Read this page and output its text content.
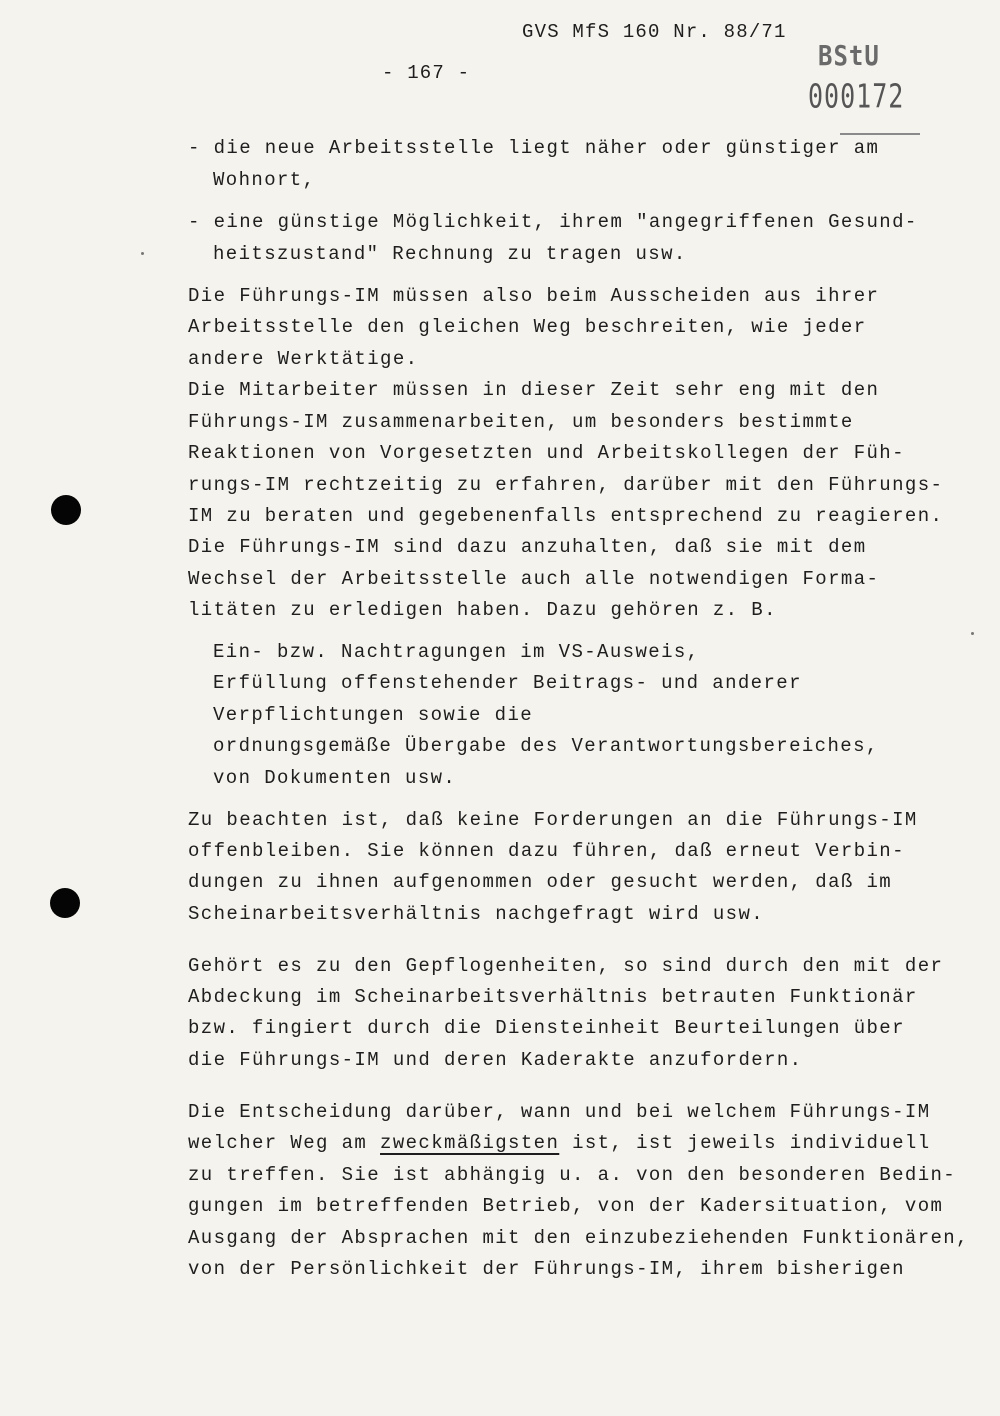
GVS MfS 160 Nr. 88/71
- 167 -
BStU
000172
- die neue Arbeitsstelle liegt näher oder günstiger am
Wohnort,
- eine günstige Möglichkeit, ihrem "angegriffenen Gesund-
heitszustand" Rechnung zu tragen usw.
Die Führungs-IM müssen also beim Ausscheiden aus ihrer
Arbeitsstelle den gleichen Weg beschreiten, wie jeder
andere Werktätige.
Die Mitarbeiter müssen in dieser Zeit sehr eng mit den
Führungs-IM zusammenarbeiten, um besonders bestimmte
Reaktionen von Vorgesetzten und Arbeitskollegen der Füh-
rungs-IM rechtzeitig zu erfahren, darüber mit den Führungs-
IM zu beraten und gegebenenfalls entsprechend zu reagieren.
Die Führungs-IM sind dazu anzuhalten, daß sie mit dem
Wechsel der Arbeitsstelle auch alle notwendigen Forma-
litäten zu erledigen haben. Dazu gehören z. B.
Ein- bzw. Nachtragungen im VS-Ausweis,
Erfüllung offenstehender Beitrags- und anderer
Verpflichtungen sowie die
ordnungsgemäße Übergabe des Verantwortungsbereiches,
von Dokumenten usw.
Zu beachten ist, daß keine Forderungen an die Führungs-IM
offenbleiben. Sie können dazu führen, daß erneut Verbin-
dungen zu ihnen aufgenommen oder gesucht werden, daß im
Scheinarbeitsverhältnis nachgefragt wird usw.
Gehört es zu den Gepflogenheiten, so sind durch den mit der
Abdeckung im Scheinarbeitsverhältnis betrauten Funktionär
bzw. fingiert durch die Diensteinheit Beurteilungen über
die Führungs-IM und deren Kaderakte anzufordern.
Die Entscheidung darüber, wann und bei welchem Führungs-IM
welcher Weg am zweckmäßigsten ist, ist jeweils individuell
zu treffen. Sie ist abhängig u. a. von den besonderen Bedin-
gungen im betreffenden Betrieb, von der Kadersituation, vom
Ausgang der Absprachen mit den einzubeziehenden Funktionären,
von der Persönlichkeit der Führungs-IM, ihrem bisherigen
